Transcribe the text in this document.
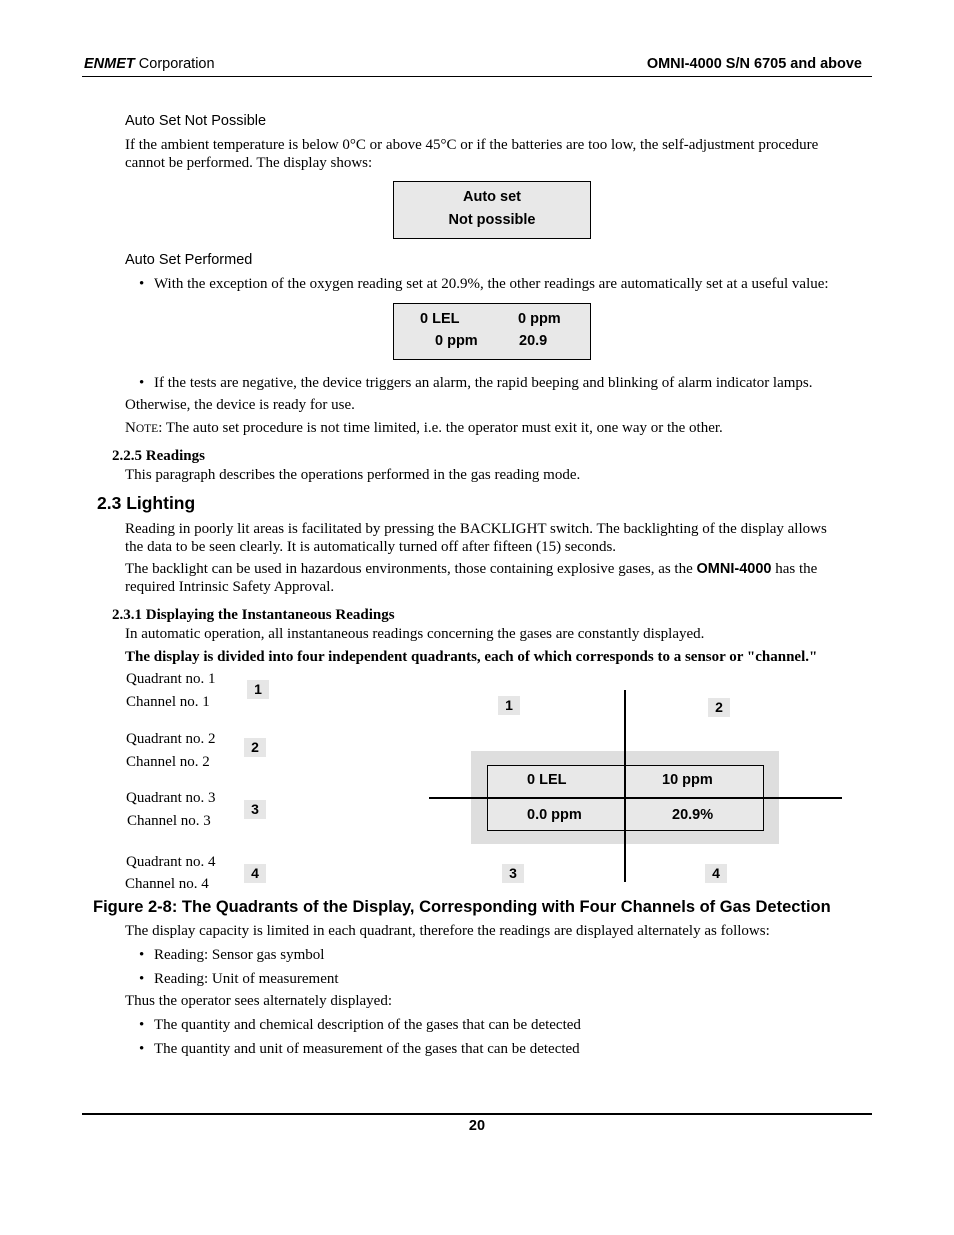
ENMET Corporation	OMNI-4000 S/N 6705 and above
Auto Set Not Possible
If the ambient temperature is below 0°C or above 45°C or if the batteries are too low, the self-adjustment procedure
cannot be performed. The display shows:
Auto set
Not possible
Auto Set Performed
• With the exception of the oxygen reading set at 20.9%, the other readings are automatically set at a useful value:
0 LEL	0 ppm
0 ppm	20.9
• If the tests are negative, the device triggers an alarm, the rapid beeping and blinking of alarm indicator lamps.
Otherwise, the device is ready for use.
NOTE: The auto set procedure is not time limited, i.e. the operator must exit it, one way or the other.
2.2.5 Readings
This paragraph describes the operations performed in the gas reading mode.
2.3 Lighting
Reading in poorly lit areas is facilitated by pressing the BACKLIGHT switch. The backlighting of the display allows
the data to be seen clearly. It is automatically turned off after fifteen (15) seconds.
The backlight can be used in hazardous environments, those containing explosive gases, as the OMNI-4000 has the
required Intrinsic Safety Approval.
2.3.1 Displaying the Instantaneous Readings
In automatic operation, all instantaneous readings concerning the gases are constantly displayed.
The display is divided into four independent quadrants, each of which corresponds to a sensor or "channel."
Quadrant no. 1
Channel no. 1
1
Quadrant no. 2
Channel no. 2
2
Quadrant no. 3
Channel no. 3
3
Quadrant no. 4
Channel no. 4
4
1	2
3	4
0 LEL	10 ppm
0.0 ppm	20.9%
Figure 2-8: The Quadrants of the Display, Corresponding with Four Channels of Gas Detection
The display capacity is limited in each quadrant, therefore the readings are displayed alternately as follows:
• Reading: Sensor gas symbol
• Reading: Unit of measurement
Thus the operator sees alternately displayed:
• The quantity and chemical description of the gases that can be detected
• The quantity and unit of measurement of the gases that can be detected
20
